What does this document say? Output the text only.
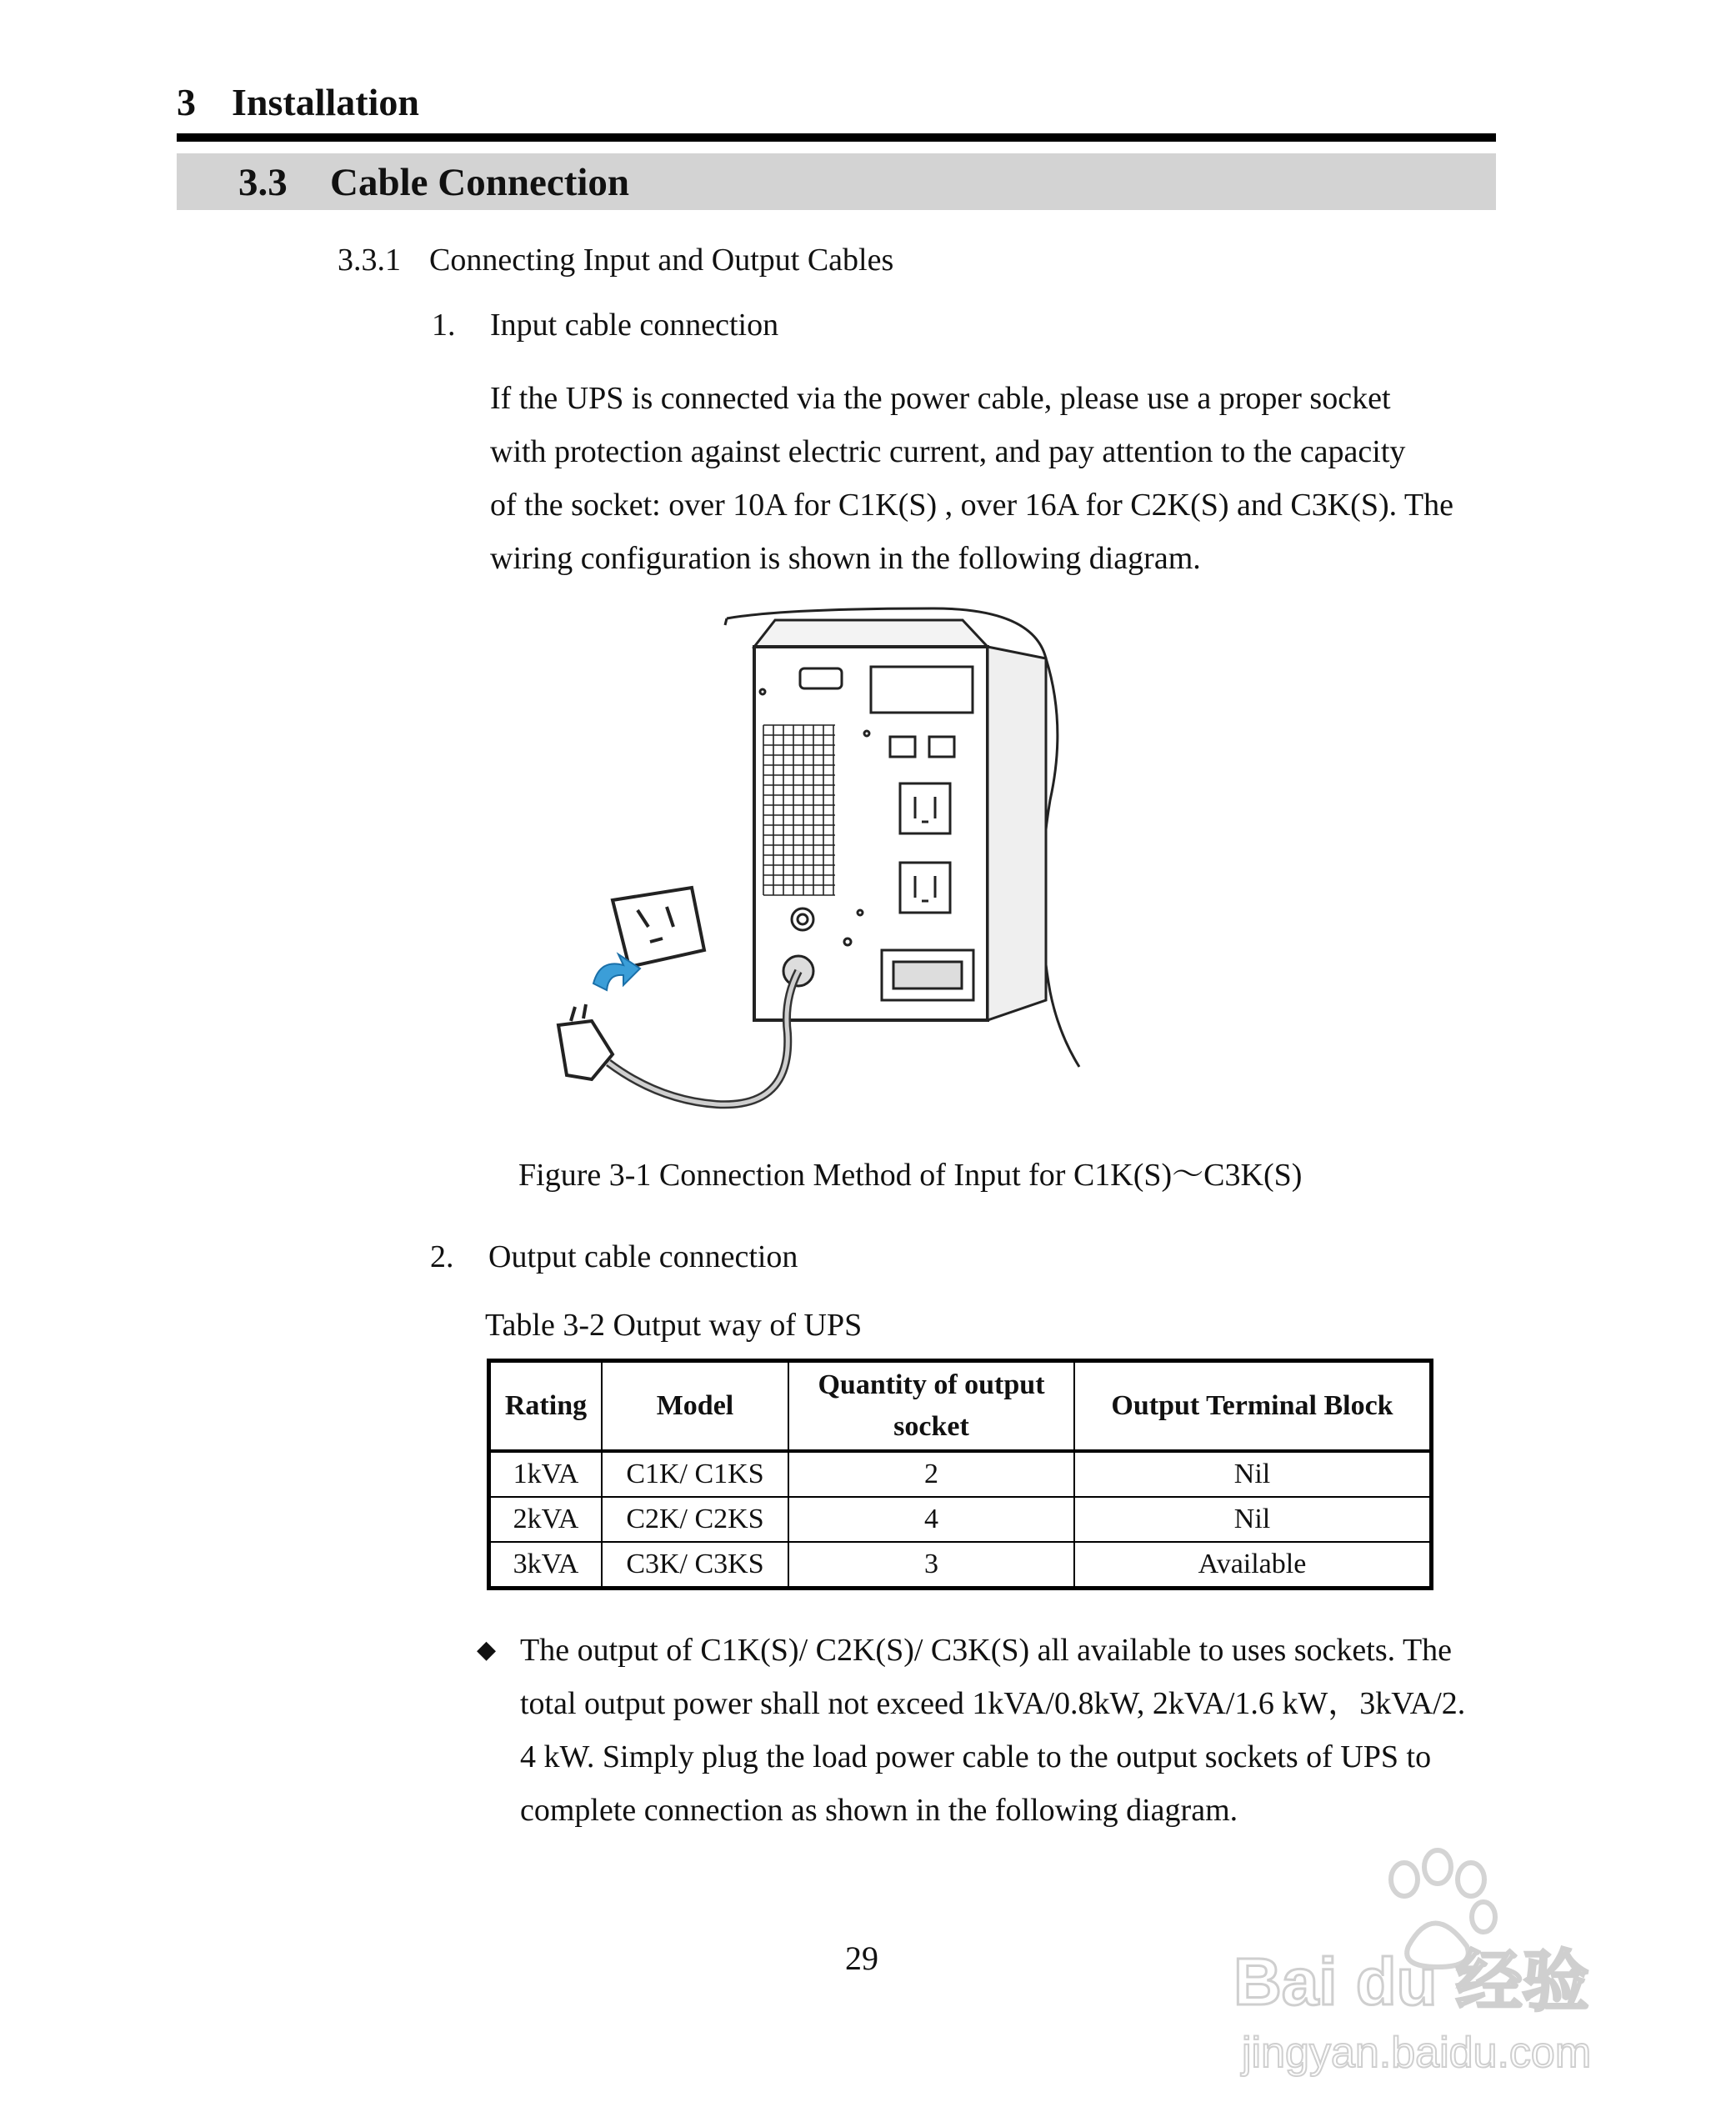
3 Installation
3.3 Cable Connection
3.3.1 Connecting Input and Output Cables
1. Input cable connection

If the UPS is connected via the power cable, please use a proper socket

with protection against electric current, and pay attention to the capacity

of the socket: over 10A for C1K(S) , over 16A for C2K(S) and C3K(S). The

wiring configuration is shown in the following diagram.

Figure 3-1 Connection Method of Input for C1K(S)～C3K(S)
2. Output cable connection
Table 3-2 Output way of UPS
Rating	Model	Quantity of output socket	Output Terminal Block
1kVA	C1K/ C1KS	2	Nil
2kVA	C2K/ C2KS	4	Nil
3kVA	C3K/ C3KS	3	Available
◆ The output of C1K(S)/ C2K(S)/ C3K(S) all available to uses sockets. The
total output power shall not exceed 1kVA/0.8kW, 2kVA/1.6 kW，3kVA/2.
4 kW. Simply plug the load power cable to the output sockets of UPS to
complete connection as shown in the following diagram.
29	Bai du 经验
jingyan.baidu.com
